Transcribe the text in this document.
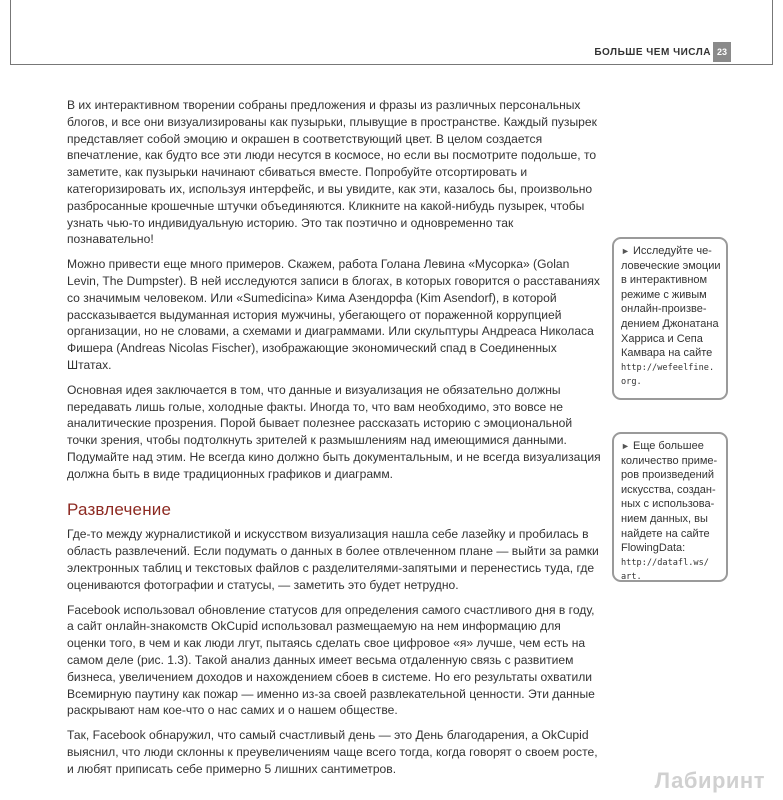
БОЛЬШЕ ЧЕМ ЧИСЛА 23

В их интерактивном творении собраны предложения и фразы из различных персональных блогов, и все они визуализированы как пузырьки, плывущие в пространстве. Каждый пузырек представляет собой эмоцию и окрашен в соответствующий цвет. В целом создается впечатление, как будто все эти люди несутся в космосе, но если вы посмотрите подольше, то заметите, как пузырьки начинают сбиваться вместе. Попробуйте отсортировать и категоризировать их, используя интерфейс, и вы увидите, как эти, казалось бы, произвольно разбросанные крошечные штучки объединяются. Кликните на какой-нибудь пузырек, чтобы узнать чью-то индивидуальную историю. Это так поэтично и одновременно так познавательно!

Можно привести еще много примеров. Скажем, работа Голана Левина «Мусорка» (Golan Levin, The Dumpster). В ней исследуются записи в блогах, в которых говорится о расставаниях со значимым человеком. Или «Sumedicina» Кима Азендорфа (Kim Asendorf), в которой рассказывается выдуманная история мужчины, убегающего от пораженной коррупцией организации, но не словами, а схемами и диаграммами. Или скульптуры Андреаса Николаса Фишера (Andreas Nicolas Fischer), изображающие экономический спад в Соединенных Штатах.

Основная идея заключается в том, что данные и визуализация не обязательно должны передавать лишь голые, холодные факты. Иногда то, что вам необходимо, это вовсе не аналитические прозрения. Порой бывает полезнее рассказать историю с эмоциональной точки зрения, чтобы подтолкнуть зрителей к размышлениям над имеющимися данными. Подумайте над этим. Не всегда кино должно быть документальным, и не всегда визуализация должна быть в виде традиционных графиков и диаграмм.

Развлечение

Где-то между журналистикой и искусством визуализация нашла себе лазейку и пробилась в область развлечений. Если подумать о данных в более отвлеченном плане — выйти за рамки электронных таблиц и текстовых файлов с разделителями-запятыми и перенестись туда, где оцениваются фотографии и статусы, — заметить это будет нетрудно.

Facebook использовал обновление статусов для определения самого счастливого дня в году, а сайт онлайн-знакомств OkCupid использовал размещаемую на нем информацию для оценки того, в чем и как люди лгут, пытаясь сделать свое цифровое «я» лучше, чем есть на самом деле (рис. 1.3). Такой анализ данных имеет весьма отдаленную связь с развитием бизнеса, увеличением доходов и нахождением сбоев в системе. Но его результаты охватили Всемирную паутину как пожар — именно из-за своей развлекательной ценности. Эти данные раскрывают нам кое-что о нас самих и о нашем обществе.

Так, Facebook обнаружил, что самый счастливый день — это День благодарения, а OkCupid выяснил, что люди склонны к преувеличениям чаще всего тогда, когда говорят о своем росте, и любят приписать себе примерно 5 лишних сантиметров.

► Исследуйте че-ловеческие эмоции в интерактивном режиме с живым онлайн-произве-дением Джонатана Харриса и Сепа Камвара на сайте
http://wefeelfine.
org.
► Еще большее количество приме-ров произведений искусства, создан-ных с использова-нием данных, вы найдете на сайте FlowingData:
http://datafl.ws/
art.
Лабиринт
